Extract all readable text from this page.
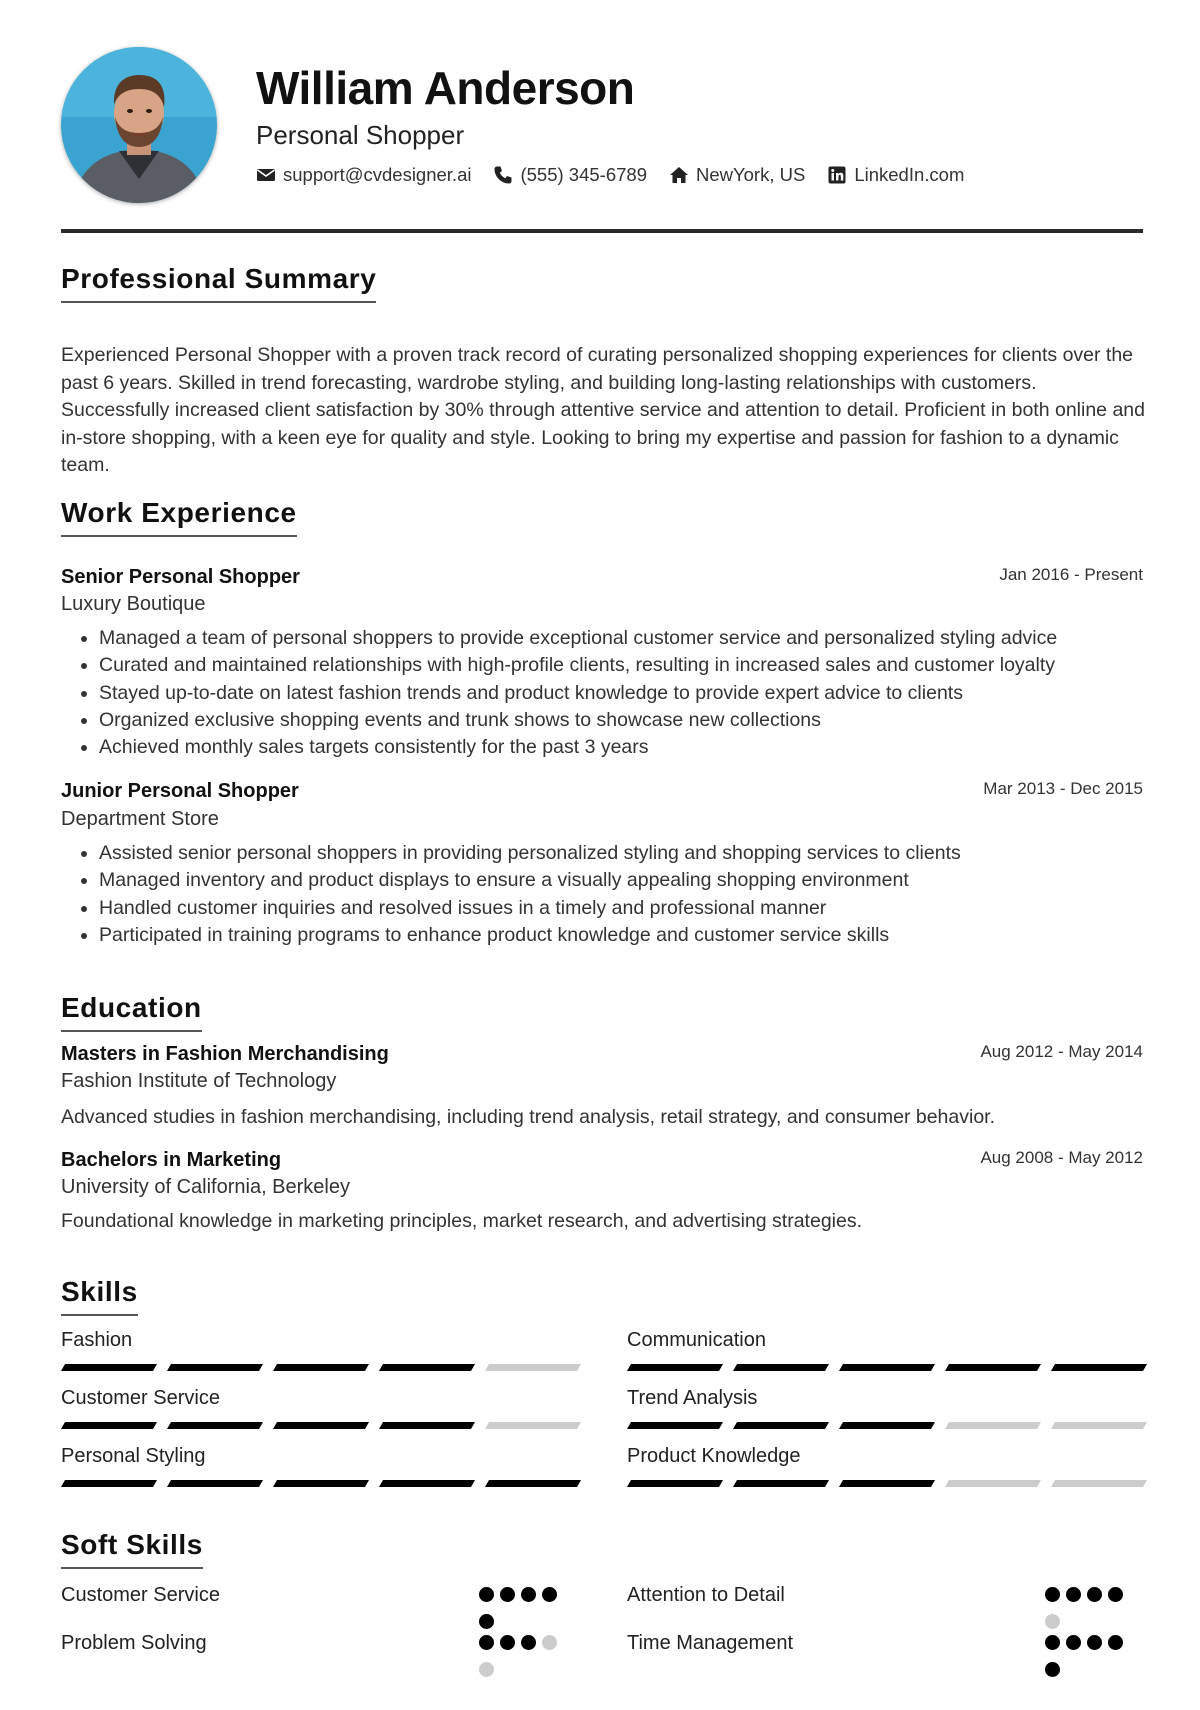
William Anderson
Personal Shopper
support@cvdesigner.ai	(555) 345-6789	NewYork, US	LinkedIn.com
Professional Summary

Experienced Personal Shopper with a proven track record of curating personalized shopping experiences for clients over the past 6 years. Skilled in trend forecasting, wardrobe styling, and building long-lasting relationships with customers. Successfully increased client satisfaction by 30% through attentive service and attention to detail. Proficient in both online and in-store shopping, with a keen eye for quality and style. Looking to bring my expertise and passion for fashion to a dynamic team.

Work Experience
Senior Personal Shopper	Jan 2016 - Present
Luxury Boutique
• Managed a team of personal shoppers to provide exceptional customer service and personalized styling advice
• Curated and maintained relationships with high-profile clients, resulting in increased sales and customer loyalty
• Stayed up-to-date on latest fashion trends and product knowledge to provide expert advice to clients
• Organized exclusive shopping events and trunk shows to showcase new collections
• Achieved monthly sales targets consistently for the past 3 years
Junior Personal Shopper	Mar 2013 - Dec 2015
Department Store
• Assisted senior personal shoppers in providing personalized styling and shopping services to clients
• Managed inventory and product displays to ensure a visually appealing shopping environment
• Handled customer inquiries and resolved issues in a timely and professional manner
• Participated in training programs to enhance product knowledge and customer service skills
Education
Masters in Fashion Merchandising	Aug 2012 - May 2014
Fashion Institute of Technology
Advanced studies in fashion merchandising, including trend analysis, retail strategy, and consumer behavior.
Bachelors in Marketing	Aug 2008 - May 2012
University of California, Berkeley
Foundational knowledge in marketing principles, market research, and advertising strategies.
Skills
Fashion	Communication
Customer Service	Trend Analysis
Personal Styling	Product Knowledge
Soft Skills
Customer Service	Attention to Detail
Problem Solving	Time Management
